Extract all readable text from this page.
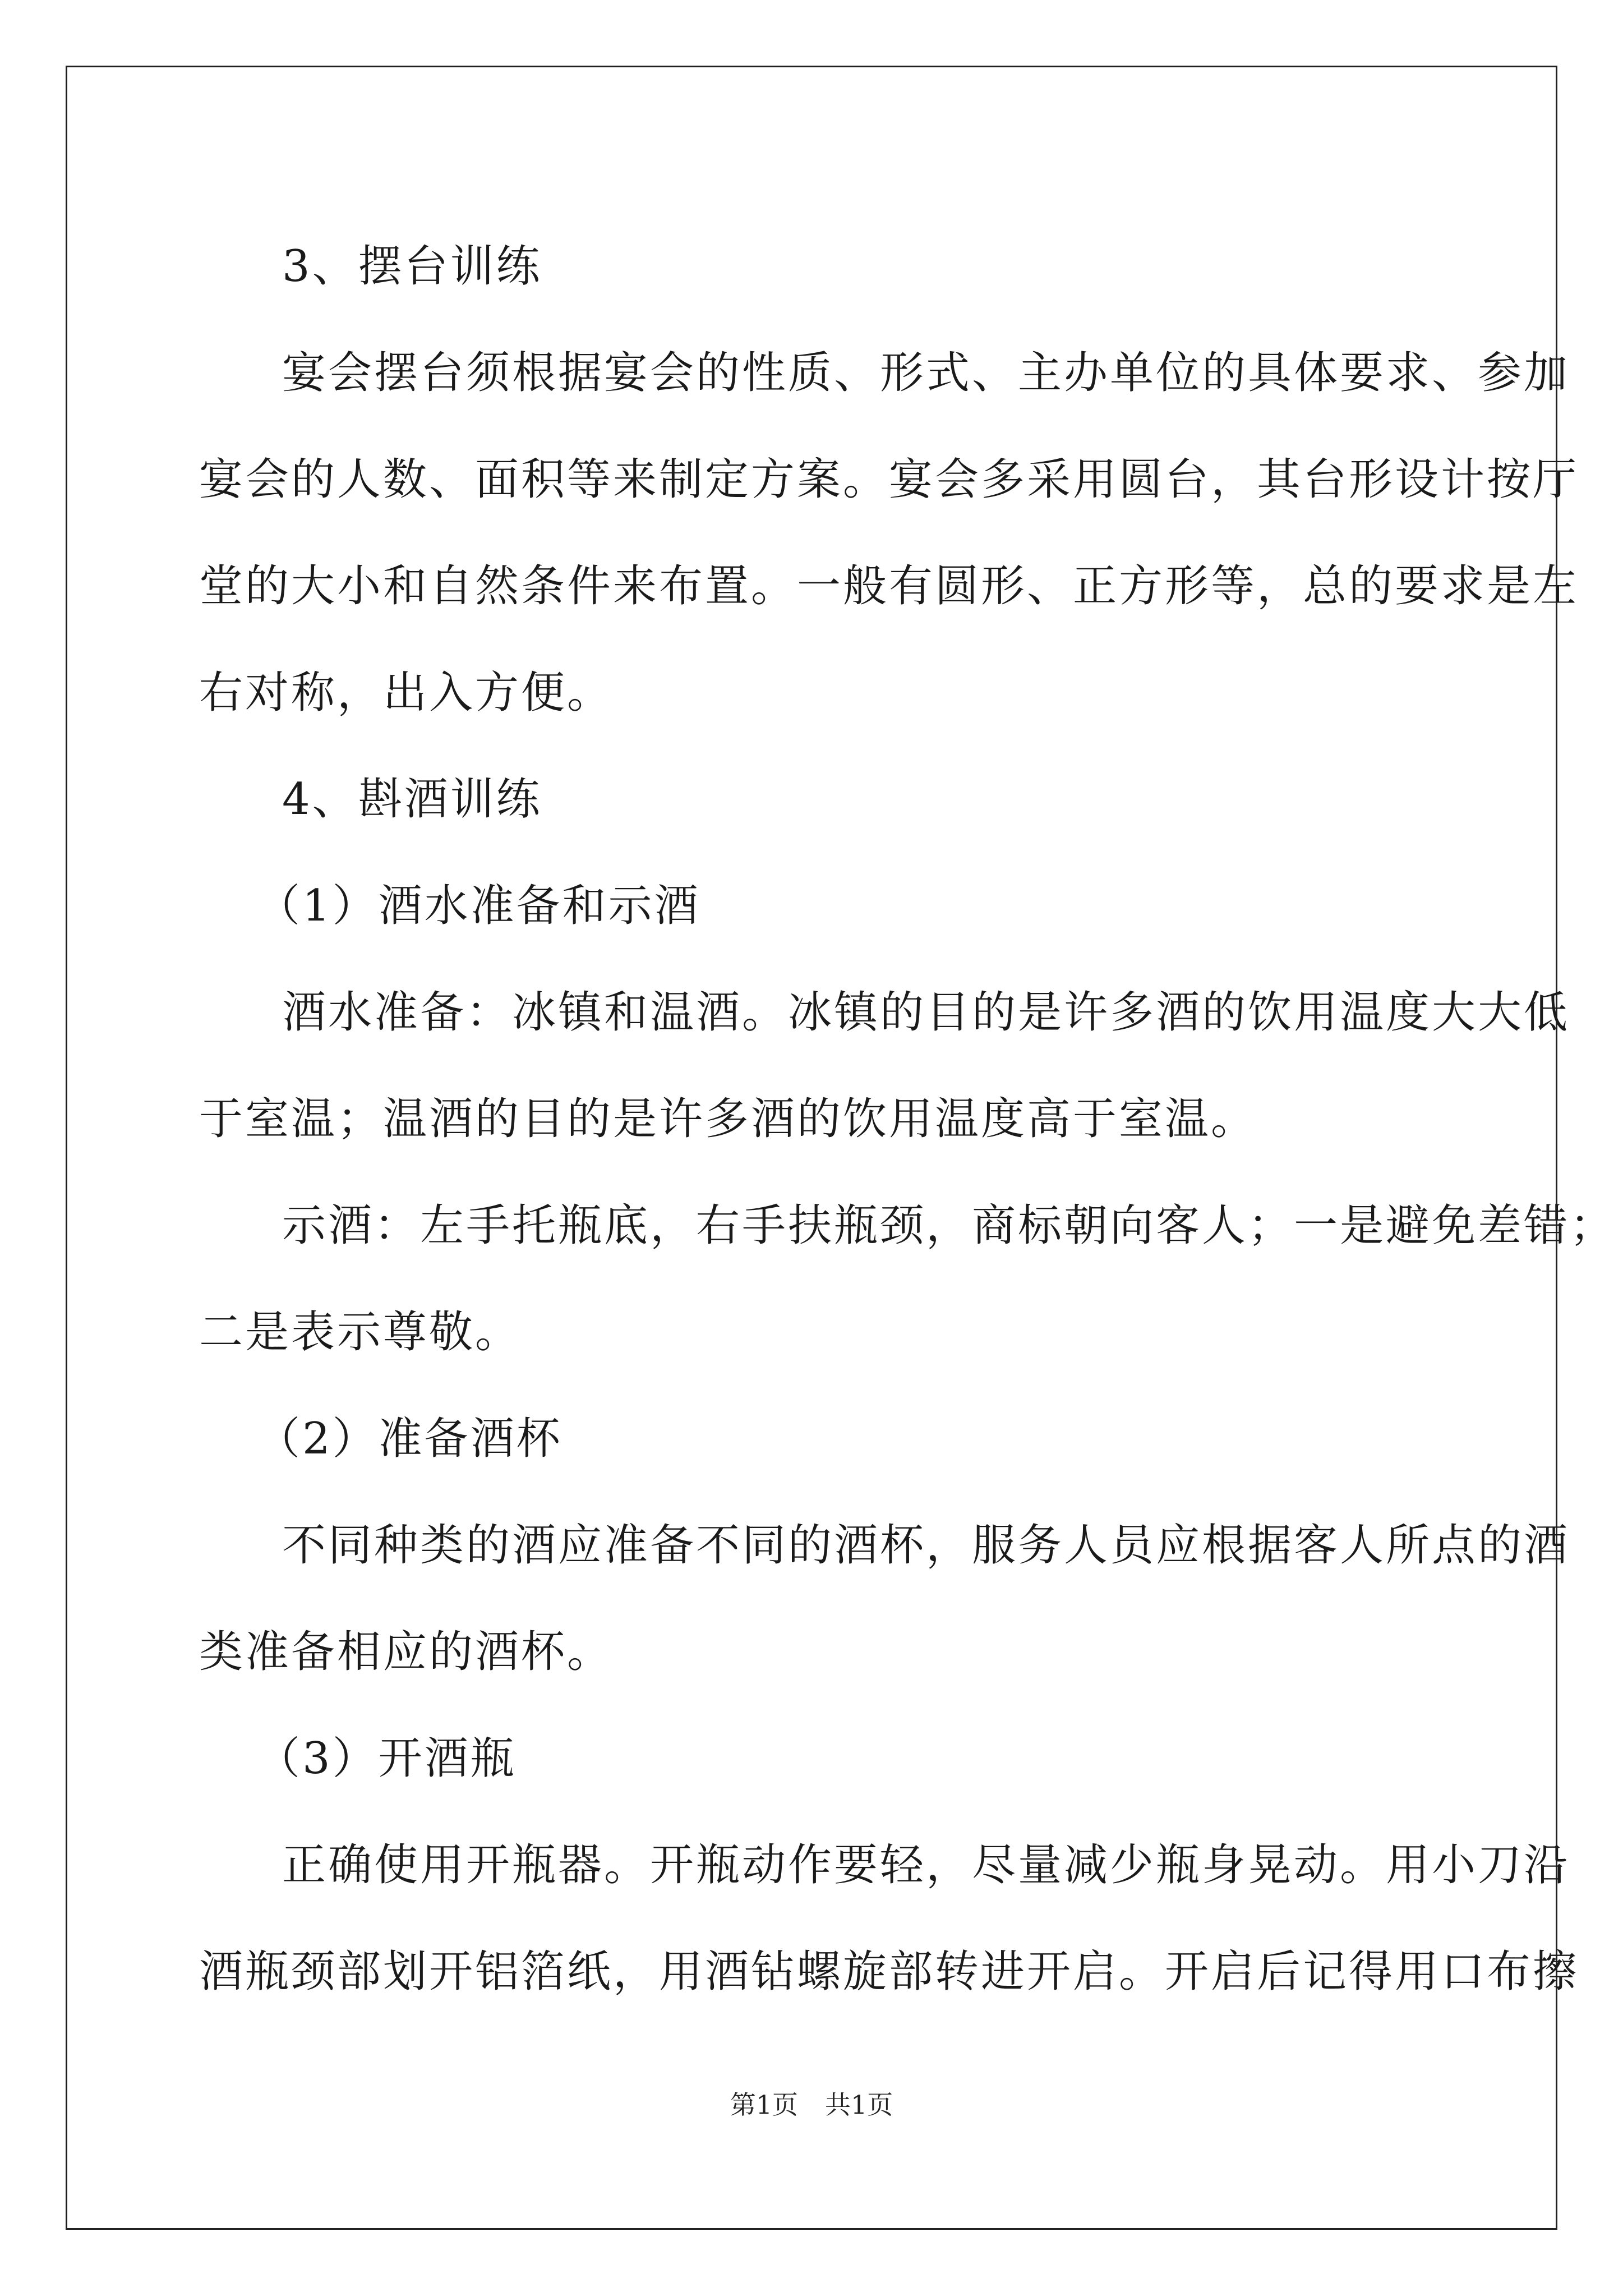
3、摆台训练
宴会摆台须根据宴会的性质、形式、主办单位的具体要求、参加
宴会的人数、面积等来制定方案。宴会多采用圆台，其台形设计按厅
堂的大小和自然条件来布置。一般有圆形、正方形等，总的要求是左
右对称，出入方便。
4、斟酒训练
（1）酒水准备和示酒
酒水准备：冰镇和温酒。冰镇的目的是许多酒的饮用温度大大低
于室温；温酒的目的是许多酒的饮用温度高于室温。
示酒：左手托瓶底，右手扶瓶颈，商标朝向客人；一是避免差错；
二是表示尊敬。
（2）准备酒杯
不同种类的酒应准备不同的酒杯，服务人员应根据客人所点的酒
类准备相应的酒杯。
（3）开酒瓶
正确使用开瓶器。开瓶动作要轻，尽量减少瓶身晃动。用小刀沿
酒瓶颈部划开铝箔纸，用酒钻螺旋部转进开启。开启后记得用口布擦
第1页 共1页
